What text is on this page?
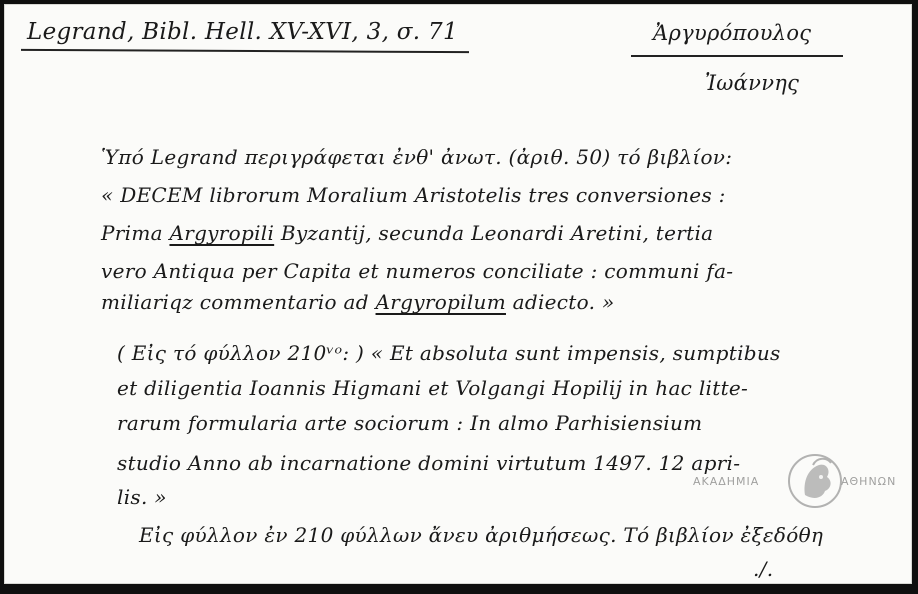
Legrand, Bibl. Hell. XV-XVI, 3, σ. 71	Ἀργυρόπουλος
Ἰωάννης
Ὑπό Legrand περιγράφεται ἐνθ' ἀνωτ. (ἀριθ. 50) τό βιβλίον:
« DECEM librorum Moralium Aristotelis tres conversiones :
Prima Argyropili Byzantij, secunda Leonardi Aretini, tertia
vero Antiqua per Capita et numeros conciliate : communi fa-
miliariqz commentario ad Argyropilum adiecto. »
( Εἰς τό φύλλον 210ᵛᵒ: ) « Et absoluta sunt impensis, sumptibus
et diligentia Ioannis Higmani et Volgangi Hopilij in hac litte-
rarum formularia arte sociorum : In almo Parhisiensium
studio Anno ab incarnatione domini virtutum 1497. 12 apri-
lis. »
Εἰς φύλλον ἐν 210 φύλλων ἄνευ ἀριθμήσεως. Τό βιβλίον ἐξεδόθη
./.
ΑΚΑΔΗΜΙΑ	ΑΘΗΝΩΝ
